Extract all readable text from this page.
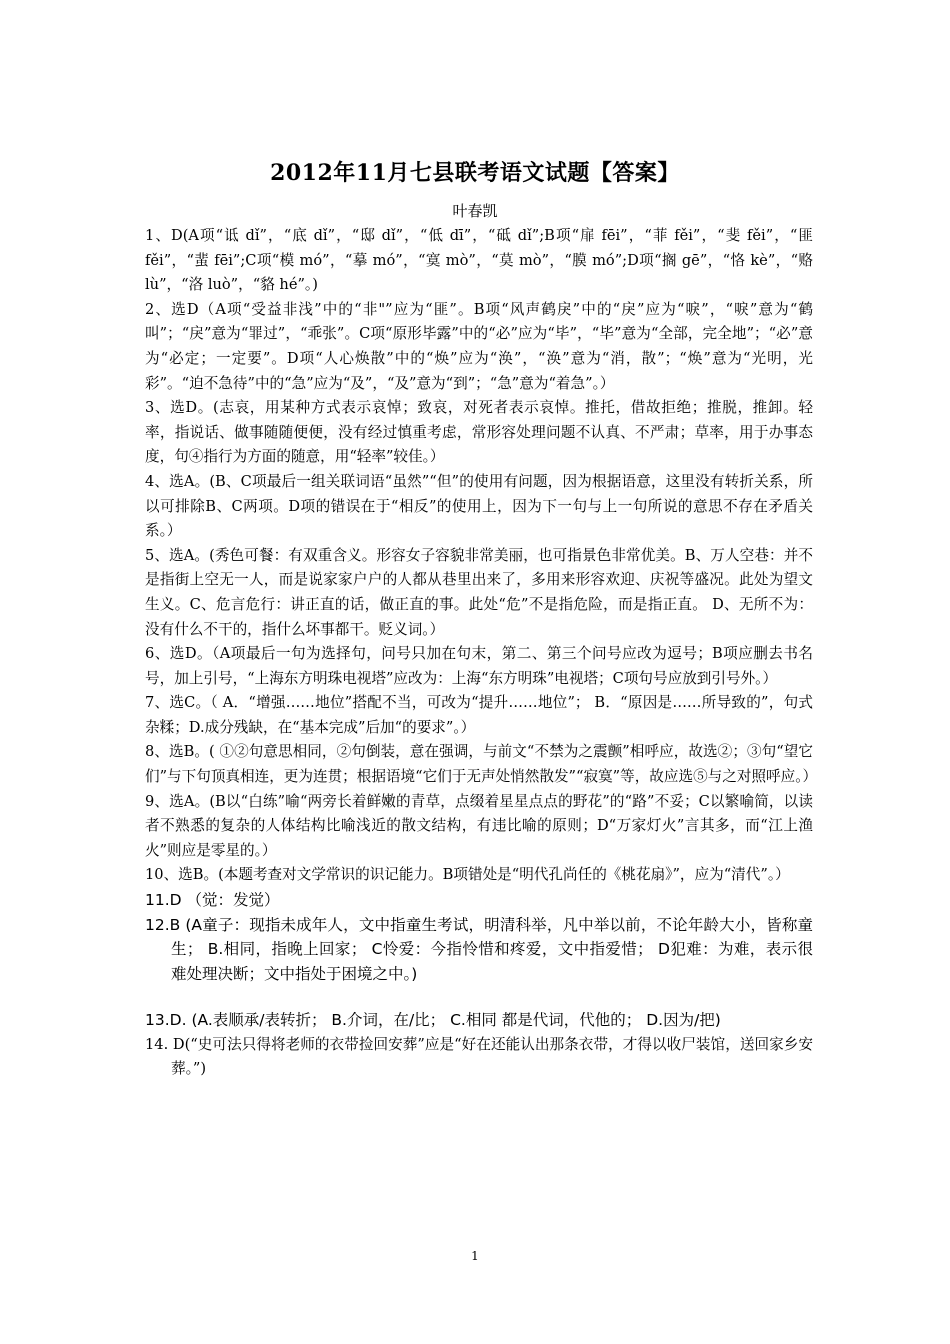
2012年11月七县联考语文试题【答案】
叶春凯

1、D(A项“诋 dǐ”，“底 dǐ”，“邸 dǐ”，“低 dī”，“砥 dǐ”;B项“扉 fēi”，“菲 fěi”，“斐 fěi”，“匪 fěi”，“蜚 fēi”;C项“模 mó”，“摹 mó”，“寞 mò”，“莫 mò”，“膜 mó”;D项“搁 gē”，“恪 kè”，“赂 lù”，“洛 luò”，“貉 hé”。)

2、选D（A项“受益非浅”中的“非"”应为“匪”。B项“风声鹤戾”中的“戾”应为“唳”，“唳”意为“鹤叫”；“戾”意为“罪过”，“乖张”。C项“原形毕露”中的“必”应为“毕”，“毕”意为“全部，完全地”；“必”意为“必定；一定要”。D项“人心焕散”中的“焕”应为“涣”，“涣”意为“消，散”；“焕”意为“光明，光彩”。“迫不急待”中的“急”应为“及”，“及”意为“到”；“急”意为“着急”。）

3、选D。(志哀，用某种方式表示哀悼；致哀，对死者表示哀悼。推托，借故拒绝；推脱，推卸。轻率，指说话、做事随随便便，没有经过慎重考虑，常形容处理问题不认真、不严肃；草率，用于办事态度，句④指行为方面的随意，用“轻率”较佳。）

4、选A。(B、C项最后一组关联词语“虽然”“但”的使用有问题，因为根据语意，这里没有转折关系，所以可排除B、C两项。D项的错误在于“相反”的使用上，因为下一句与上一句所说的意思不存在矛盾关系。）

5、选A。(秀色可餐：有双重含义。形容女子容貌非常美丽，也可指景色非常优美。B、万人空巷：并不是指街上空无一人，而是说家家户户的人都从巷里出来了，多用来形容欢迎、庆祝等盛况。此处为望文生义。C、危言危行：讲正直的话，做正直的事。此处“危”不是指危险，而是指正直。 D、无所不为：没有什么不干的，指什么坏事都干。贬义词。）

6、选D。（A项最后一句为选择句，问号只加在句末，第二、第三个问号应改为逗号；B项应删去书名号，加上引号，“上海东方明珠电视塔”应改为：上海“东方明珠”电视塔；C项句号应放到引号外。）

7、选C。（ A．“增强……地位”搭配不当，可改为“提升……地位”； B．“原因是……所导致的”，句式杂糅；D.成分残缺，在“基本完成”后加“的要求”。）

8、选B。( ①②句意思相同，②句倒装，意在强调，与前文“不禁为之震颤”相呼应，故选②；③句“望它们”与下句顶真相连，更为连贯；根据语境“它们于无声处悄然散发”“寂寞”等，故应选⑤与之对照呼应。）

9、选A。(B以“白练”喻“两旁长着鲜嫩的青草，点缀着星星点点的野花”的“路”不妥；C以繁喻简，以读者不熟悉的复杂的人体结构比喻浅近的散文结构，有违比喻的原则；D“万家灯火”言其多，而“江上渔火”则应是零星的。）

10、选B。(本题考查对文学常识的识记能力。B项错处是“明代孔尚任的《桃花扇》”，应为“清代”。）

11.D （觉：发觉）

12.B (A童子：现指未成年人，文中指童生考试，明清科举，凡中举以前，不论年龄大小，皆称童生； B.相同，指晚上回家； C怜爱：今指怜惜和疼爱，文中指爱惜； D犯难：为难，表示很难处理决断；文中指处于困境之中。)

13.D. (A.表顺承/表转折； B.介词，在/比； C.相同 都是代词，代他的； D.因为/把)

14. D(“史可法只得将老师的衣带捡回安葬”应是“好在还能认出那条衣带，才得以收尸装馆，送回家乡安葬。”)

1
